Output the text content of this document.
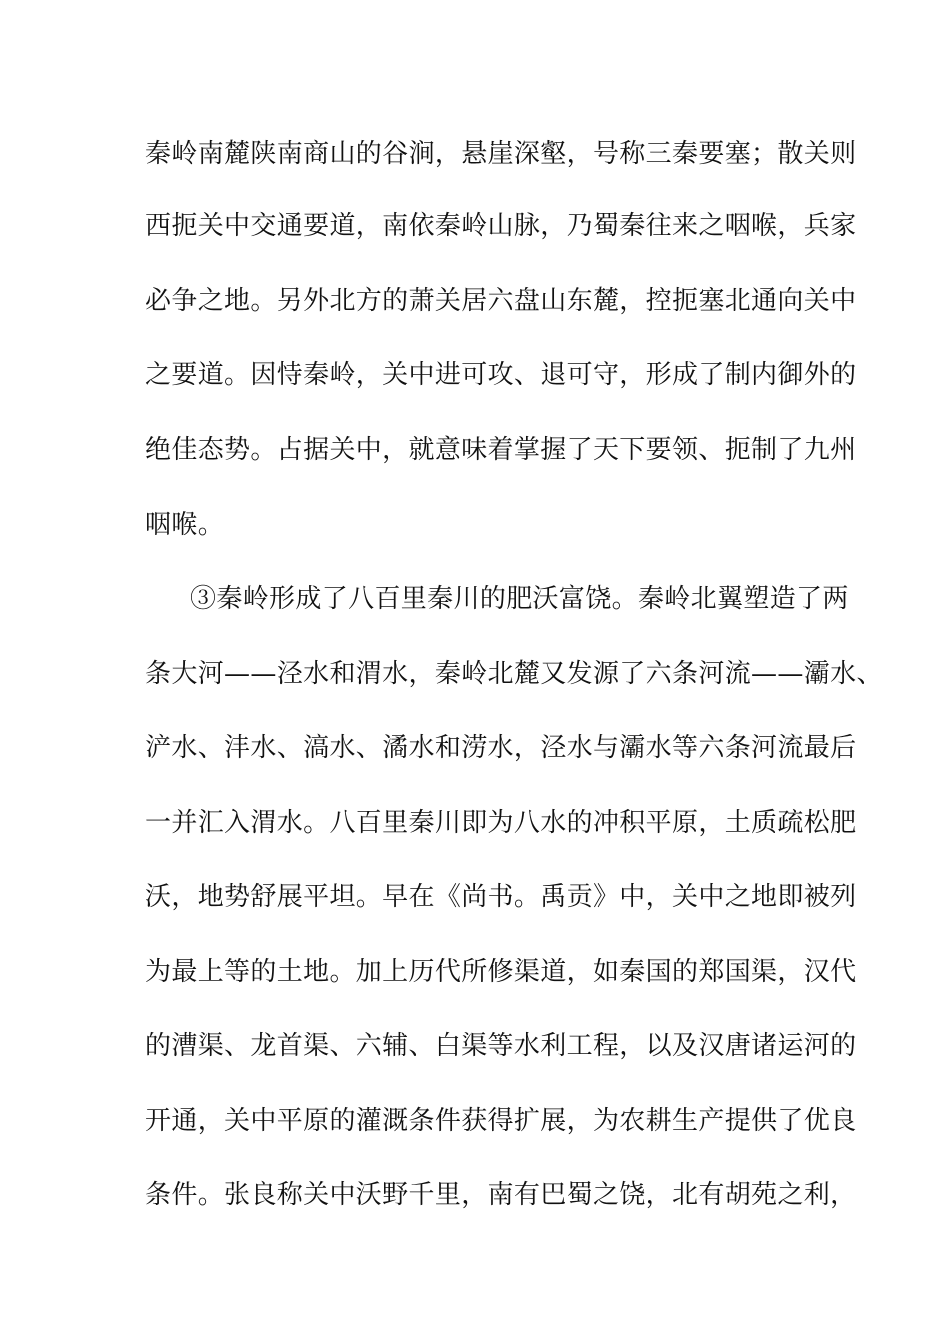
秦岭南麓陕南商山的谷涧，悬崖深壑，号称三秦要塞；散关则
西扼关中交通要道，南依秦岭山脉，乃蜀秦往来之咽喉，兵家
必争之地。另外北方的萧关居六盘山东麓，控扼塞北通向关中
之要道。因恃秦岭，关中进可攻、退可守，形成了制内御外的
绝佳态势。占据关中，就意味着掌握了天下要领、扼制了九州
咽喉。
③秦岭形成了八百里秦川的肥沃富饶。秦岭北翼塑造了两
条大河——泾水和渭水，秦岭北麓又发源了六条河流——灞水、
浐水、沣水、滈水、潏水和涝水，泾水与灞水等六条河流最后
一并汇入渭水。八百里秦川即为八水的冲积平原，土质疏松肥
沃，地势舒展平坦。早在《尚书。禹贡》中，关中之地即被列
为最上等的土地。加上历代所修渠道，如秦国的郑国渠，汉代
的漕渠、龙首渠、六辅、白渠等水利工程，以及汉唐诸运河的
开通，关中平原的灌溉条件获得扩展，为农耕生产提供了优良
条件。张良称关中沃野千里，南有巴蜀之饶，北有胡苑之利，
